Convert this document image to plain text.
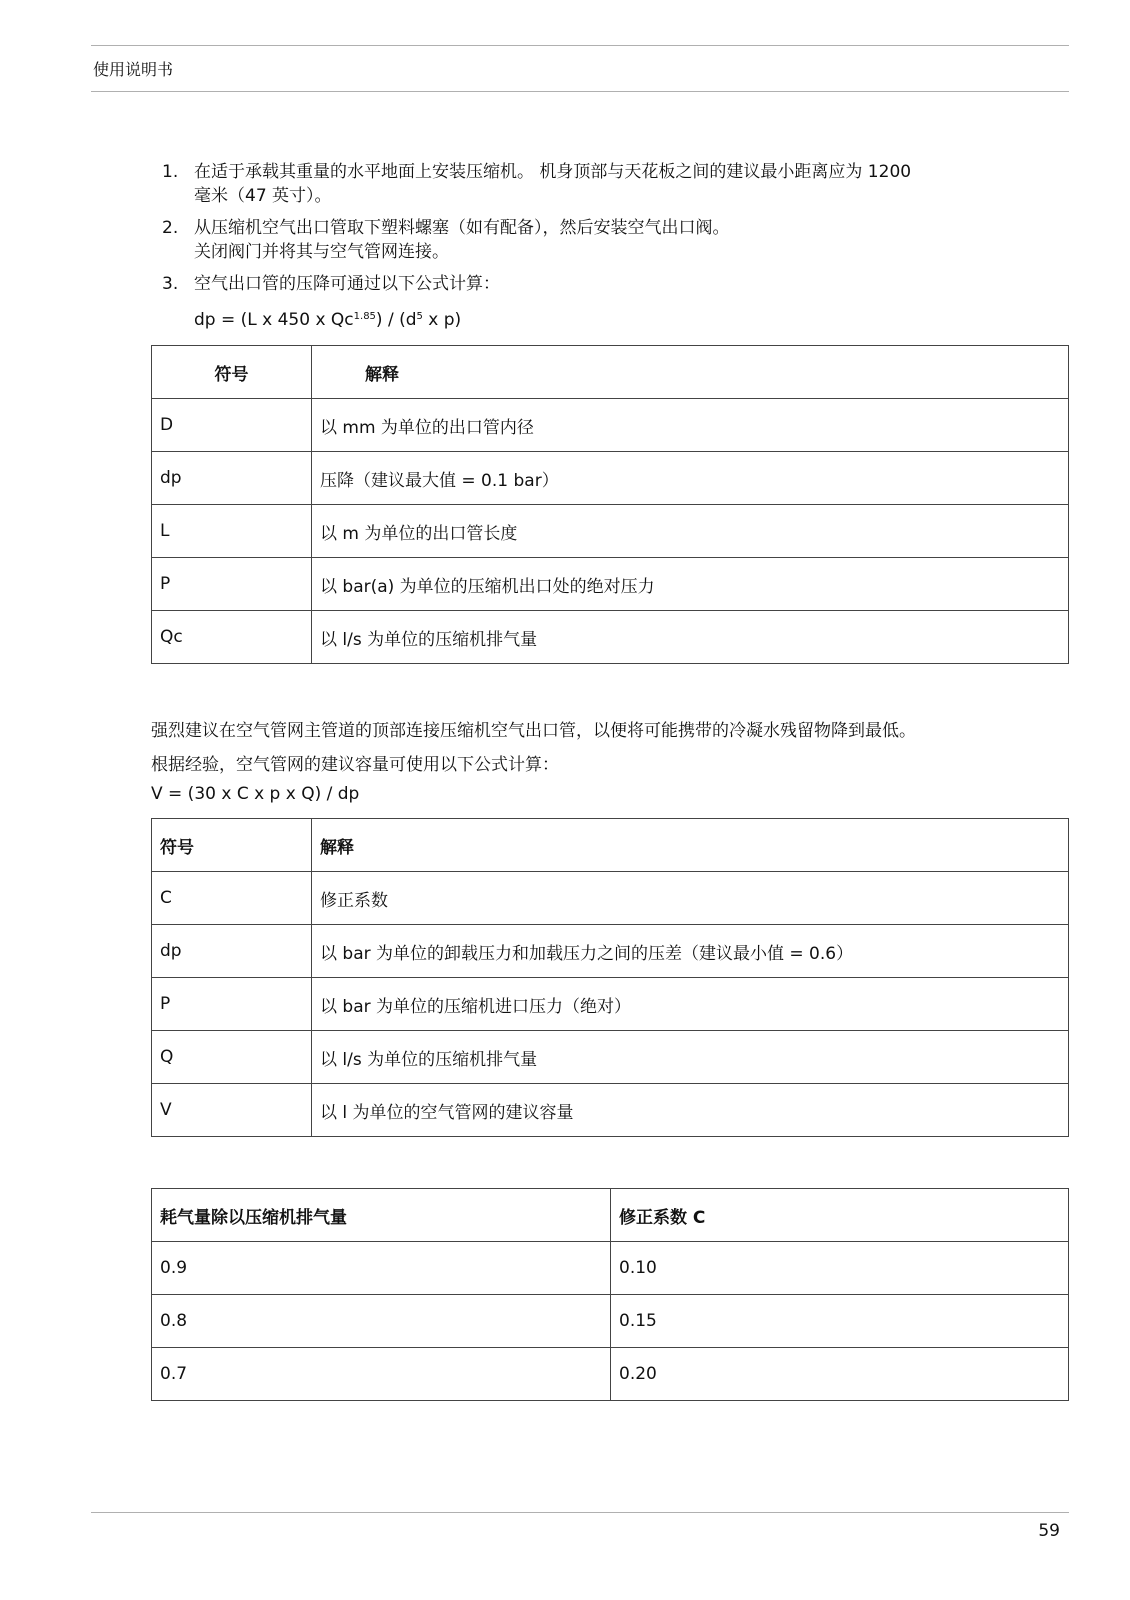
使用说明书
1. 在适于承载其重量的水平地面上安装压缩机。 机身顶部与天花板之间的建议最小距离应为 1200
毫米（47 英寸）。
2. 从压缩机空气出口管取下塑料螺塞（如有配备），然后安装空气出口阀。
关闭阀门并将其与空气管网连接。
3. 空气出口管的压降可通过以下公式计算：
dp = (L x 450 x $Qc^{1.85}) / (d^5$ x p)
符号	解释
D	以 mm 为单位的出口管内径
dp	压降（建议最大值 = 0.1 bar）
L	以 m 为单位的出口管长度
P	以 bar(a) 为单位的压缩机出口处的绝对压力
Qc	以 l/s 为单位的压缩机排气量
强烈建议在空气管网主管道的顶部连接压缩机空气出口管，以便将可能携带的冷凝水残留物降到最低。
根据经验，空气管网的建议容量可使用以下公式计算：
V = (30 x C x p x Q) / dp
符号	解释
C	修正系数
dp	以 bar 为单位的卸载压力和加载压力之间的压差（建议最小值 = 0.6）
P	以 bar 为单位的压缩机进口压力（绝对）
Q	以 l/s 为单位的压缩机排气量
V	以 l 为单位的空气管网的建议容量
耗气量除以压缩机排气量	修正系数 C
0.9	0.10
0.8	0.15
0.7	0.20
59
